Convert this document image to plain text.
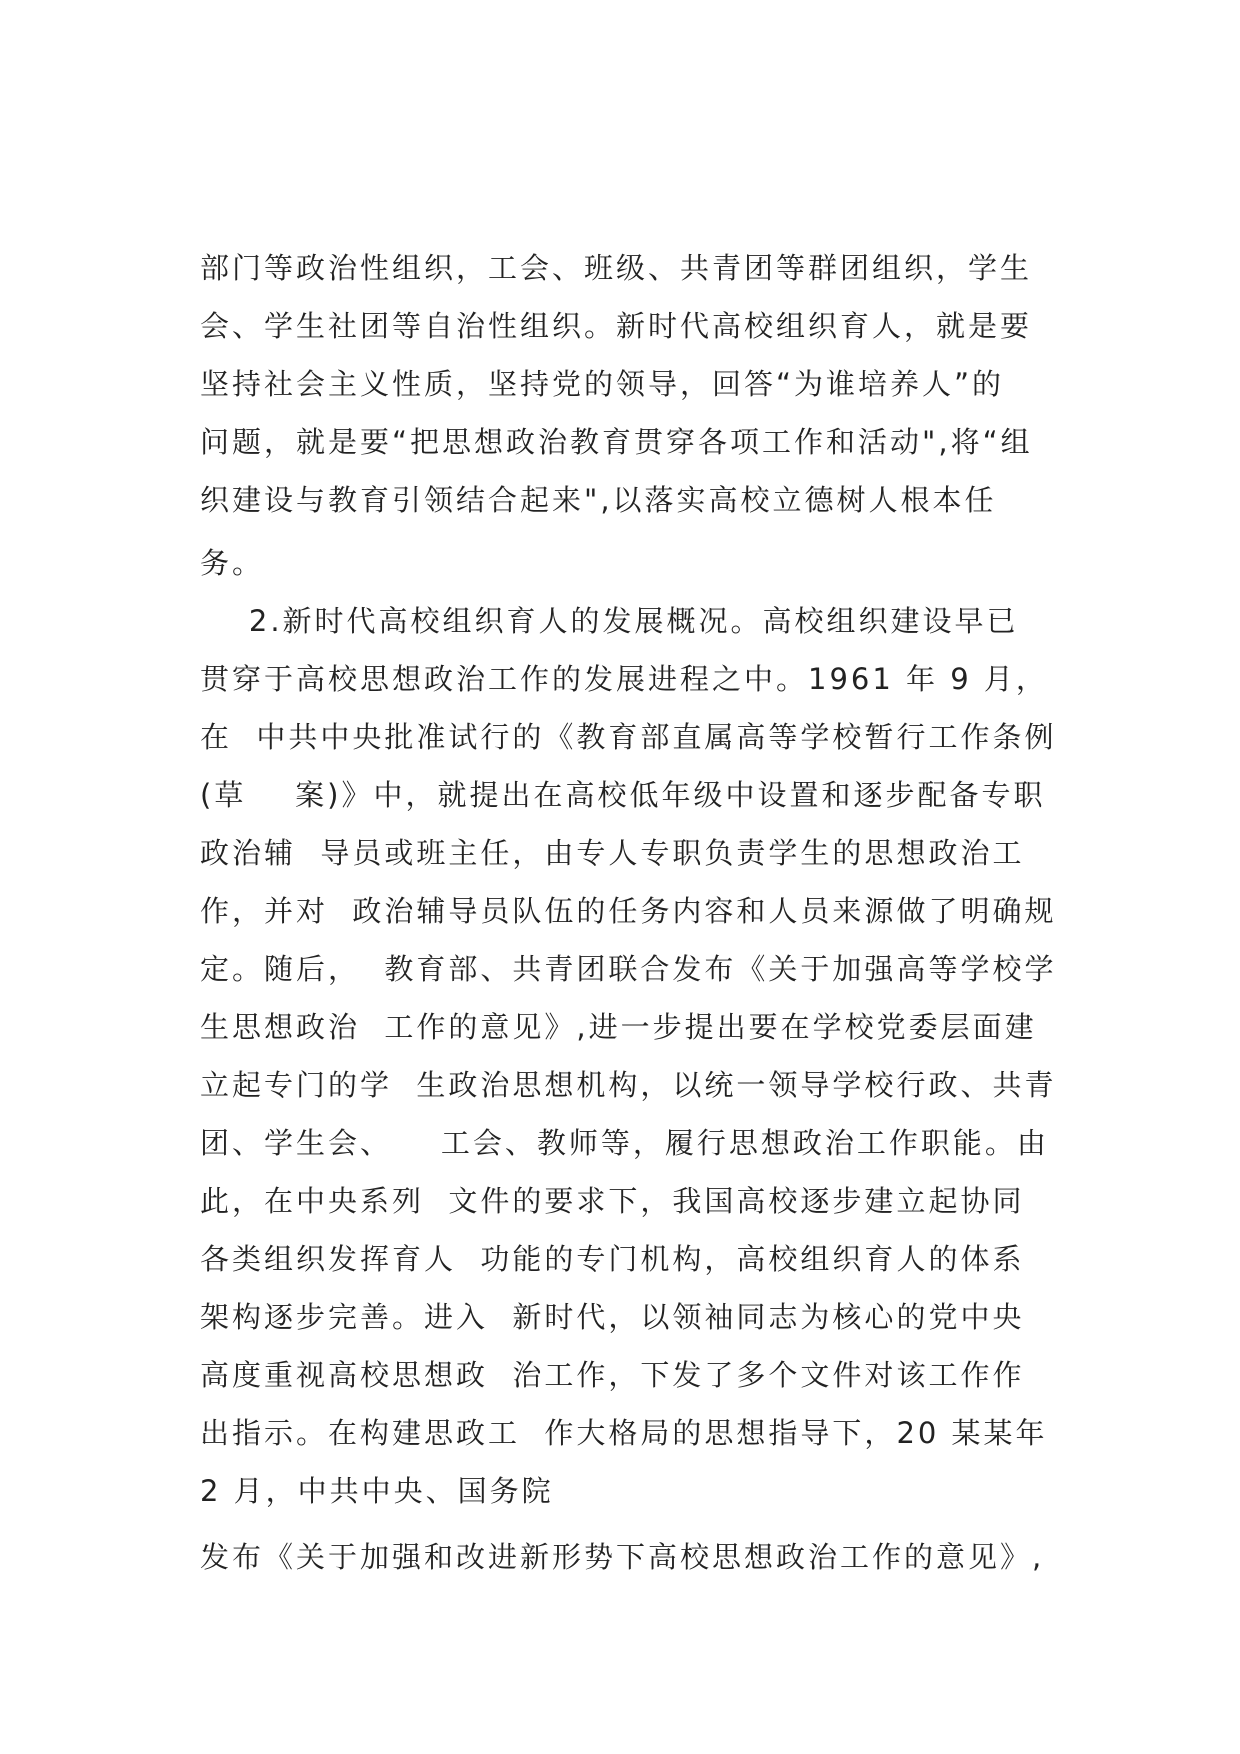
部门等政治性组织，工会、班级、共青团等群团组织，学生
会、学生社团等自治性组织。新时代高校组织育人，就是要
坚持社会主义性质，坚持党的领导，回答“为谁培养人”的
问题，就是要“把思想政治教育贯穿各项工作和活动",将“组
织建设与教育引领结合起来",以落实高校立德树人根本任
务。
2.新时代高校组织育人的发展概况。高校组织建设早已
贯穿于高校思想政治工作的发展进程之中。1961 年 9 月，
在  中共中央批准试行的《教育部直属高等学校暂行工作条例
(草    案)》中，就提出在高校低年级中设置和逐步配备专职
政治辅  导员或班主任，由专人专职负责学生的思想政治工
作，并对  政治辅导员队伍的任务内容和人员来源做了明确规
定。随后，  教育部、共青团联合发布《关于加强高等学校学
生思想政治  工作的意见》,进一步提出要在学校党委层面建
立起专门的学  生政治思想机构，以统一领导学校行政、共青
团、学生会、    工会、教师等，履行思想政治工作职能。由
此，在中央系列  文件的要求下，我国高校逐步建立起协同
各类组织发挥育人  功能的专门机构，高校组织育人的体系
架构逐步完善。进入  新时代，以领袖同志为核心的党中央
高度重视高校思想政  治工作，下发了多个文件对该工作作
出指示。在构建思政工  作大格局的思想指导下，20 某某年
2 月，中共中央、国务院
发布《关于加强和改进新形势下高校思想政治工作的意见》,
